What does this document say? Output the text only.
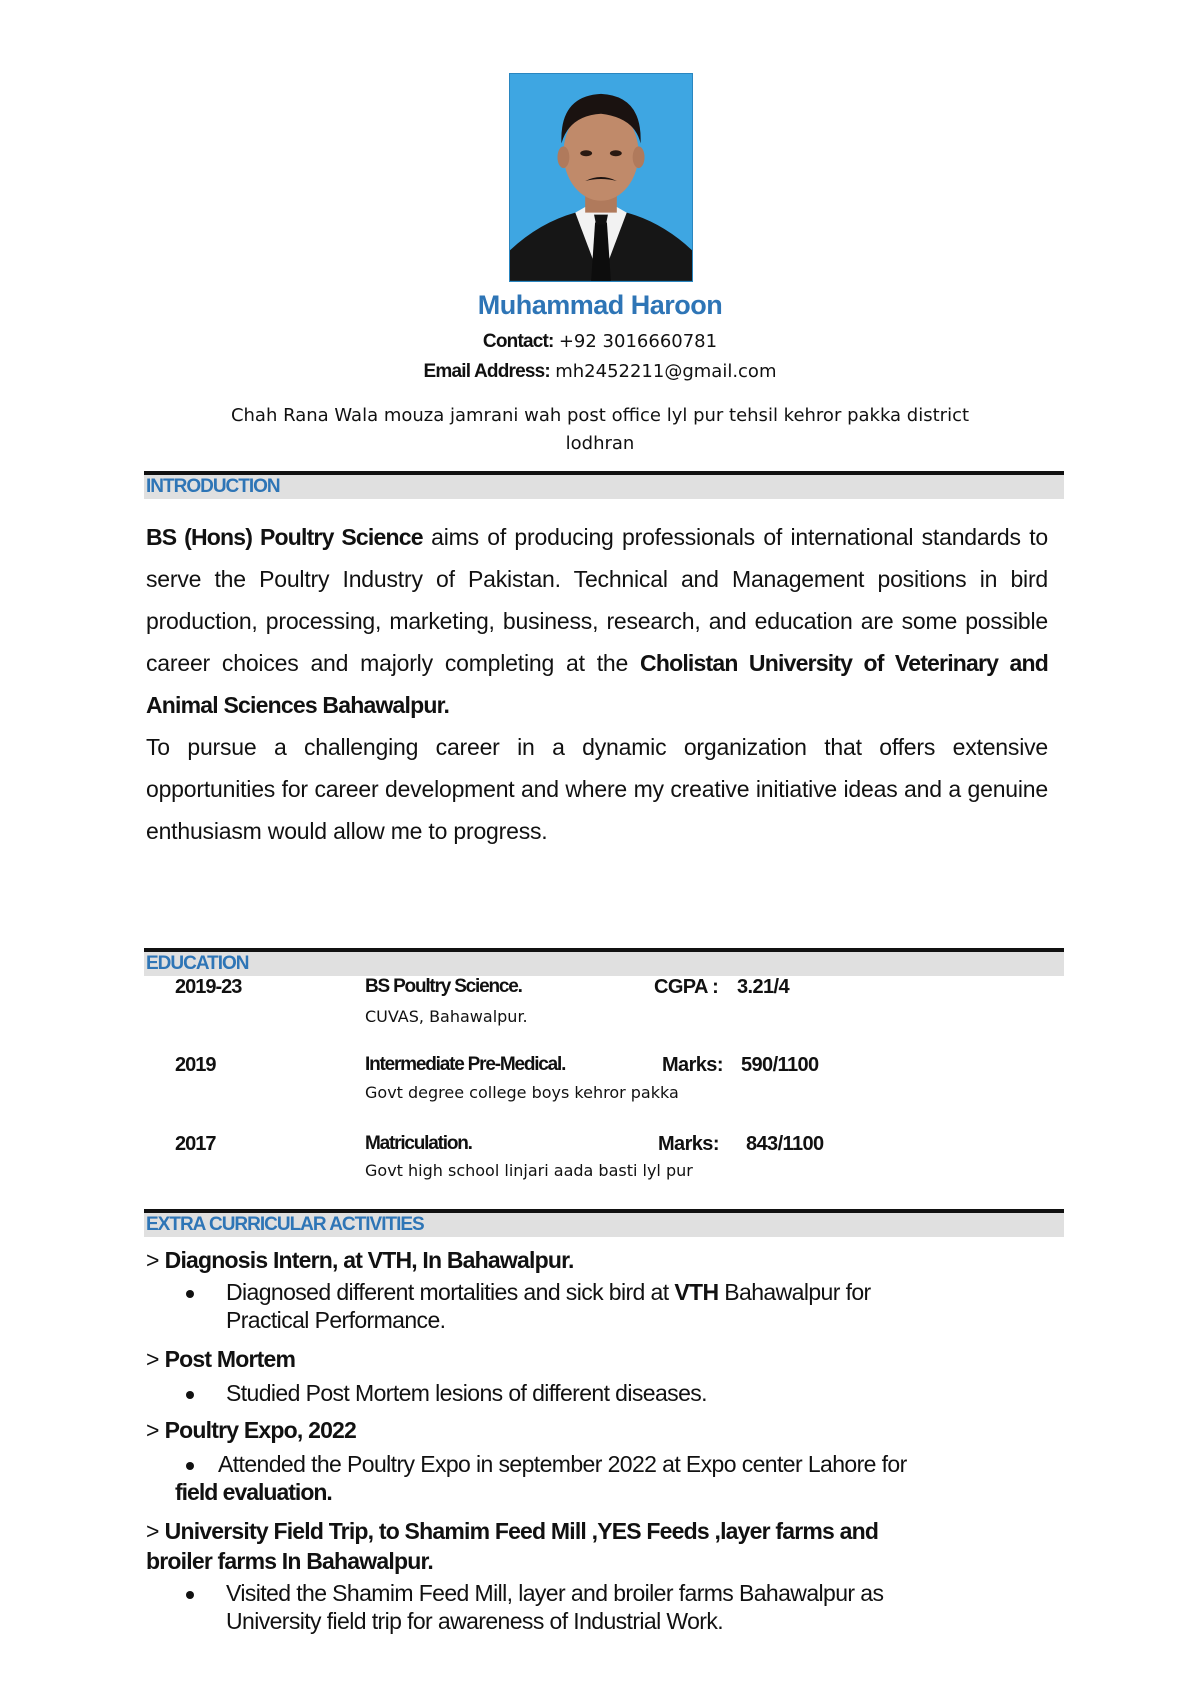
Muhammad Haroon
Contact: +92 3016660781
Email Address: mh2452211@gmail.com
Chah Rana Wala mouza jamrani wah post office lyl pur tehsil kehror pakka district
lodhran
INTRODUCTION

BS (Hons) Poultry Science aims of producing professionals of international standards to serve the Poultry Industry of Pakistan. Technical and Management positions in bird production, processing, marketing, business, research, and education are some possible career choices and majorly completing at the Cholistan University of Veterinary and Animal Sciences Bahawalpur.

To pursue a challenging career in a dynamic organization that offers extensive opportunities for career development and where my creative initiative ideas and a genuine enthusiasm would allow me to progress.

EDUCATION
2019-23	BS Poultry Science.	CGPA : 3.21/4
CUVAS, Bahawalpur.
2019	Intermediate Pre-Medical.	Marks: 590/1100
Govt degree college boys kehror pakka
2017	Matriculation.	Marks: 843/1100
Govt high school linjari aada basti lyl pur
EXTRA CURRICULAR ACTIVITIES
> Diagnosis Intern, at VTH, In Bahawalpur.
Diagnosed different mortalities and sick bird at VTH Bahawalpur for
Practical Performance.
> Post Mortem
Studied Post Mortem lesions of different diseases.
> Poultry Expo, 2022
Attended the Poultry Expo in september 2022 at Expo center Lahore for
field evaluation.
> University Field Trip, to Shamim Feed Mill ,YES Feeds ,layer farms and
broiler farms In Bahawalpur.
Visited the Shamim Feed Mill, layer and broiler farms Bahawalpur as
University field trip for awareness of Industrial Work.
